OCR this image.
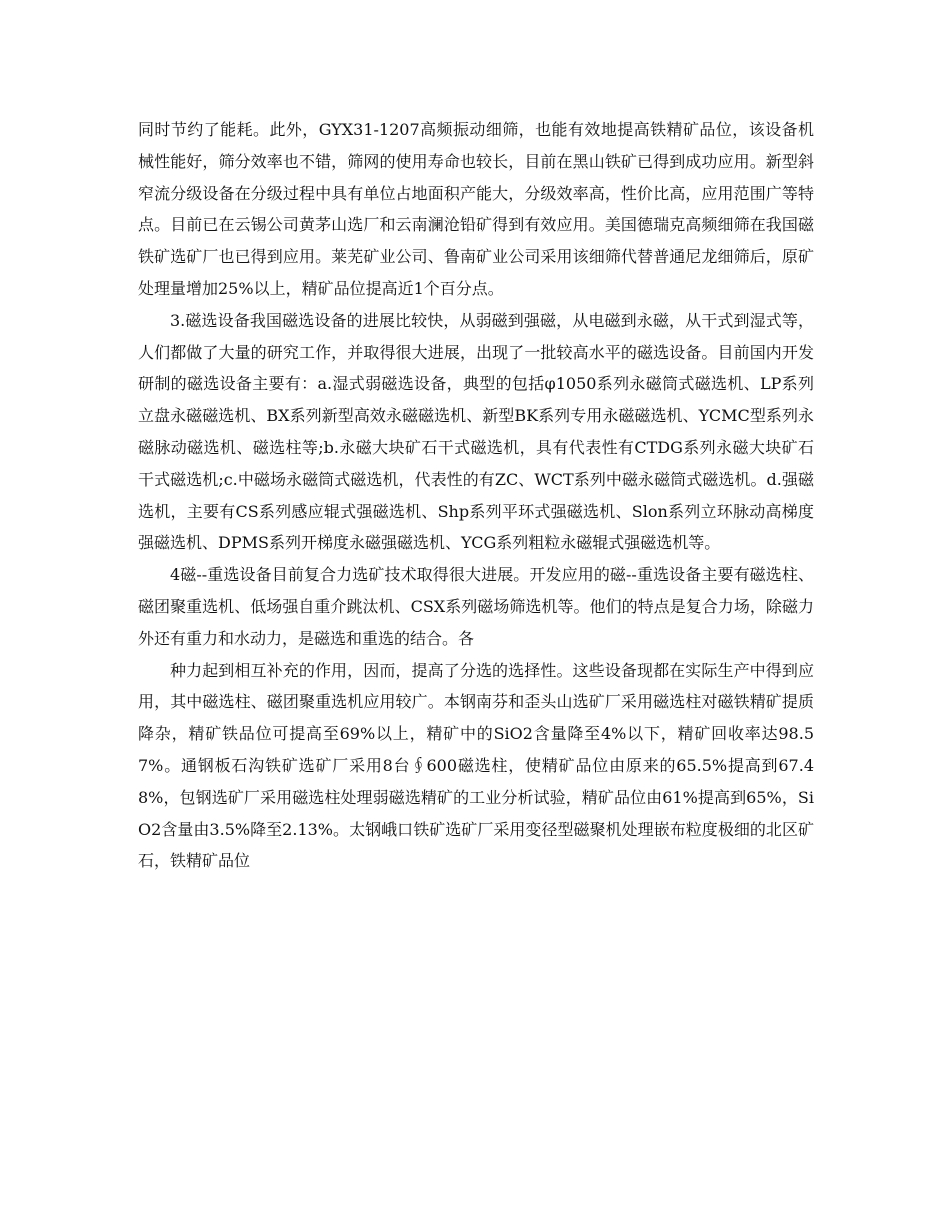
同时节约了能耗。此外，GYX31-1207高频振动细筛，也能有效地提高铁精矿品位，该设备机械性能好，筛分效率也不错，筛网的使用寿命也较长，目前在黑山铁矿已得到成功应用。新型斜窄流分级设备在分级过程中具有单位占地面积产能大，分级效率高，性价比高，应用范围广等特点。目前已在云锡公司黄茅山选厂和云南澜沧铅矿得到有效应用。美国德瑞克高频细筛在我国磁铁矿选矿厂也已得到应用。莱芜矿业公司、鲁南矿业公司采用该细筛代替普通尼龙细筛后，原矿处理量增加25%以上，精矿品位提高近1个百分点。

3.磁选设备我国磁选设备的进展比较快，从弱磁到强磁，从电磁到永磁，从干式到湿式等，人们都做了大量的研究工作，并取得很大进展，出现了一批较高水平的磁选设备。目前国内开发研制的磁选设备主要有：a.湿式弱磁选设备，典型的包括φ1050系列永磁筒式磁选机、LP系列立盘永磁磁选机、BX系列新型高效永磁磁选机、新型BK系列专用永磁磁选机、YCMC型系列永磁脉动磁选机、磁选柱等;b.永磁大块矿石干式磁选机，具有代表性有CTDG系列永磁大块矿石干式磁选机;c.中磁场永磁筒式磁选机，代表性的有ZC、WCT系列中磁永磁筒式磁选机。d.强磁选机，主要有CS系列感应辊式强磁选机、Shp系列平环式强磁选机、Slon系列立环脉动高梯度强磁选机、DPMS系列开梯度永磁强磁选机、YCG系列粗粒永磁辊式强磁选机等。

4磁--重选设备目前复合力选矿技术取得很大进展。开发应用的磁--重选设备主要有磁选柱、磁团聚重选机、低场强自重介跳汰机、CSX系列磁场筛选机等。他们的特点是复合力场，除磁力外还有重力和水动力，是磁选和重选的结合。各

种力起到相互补充的作用，因而，提高了分选的选择性。这些设备现都在实际生产中得到应用，其中磁选柱、磁团聚重选机应用较广。本钢南芬和歪头山选矿厂采用磁选柱对磁铁精矿提质降杂，精矿铁品位可提高至69%以上，精矿中的SiO2含量降至4%以下，精矿回收率达98.57%。通钢板石沟铁矿选矿厂采用8台∮600磁选柱，使精矿品位由原来的65.5%提高到67.48%，包钢选矿厂采用磁选柱处理弱磁选精矿的工业分析试验，精矿品位由61%提高到65%，SiO2含量由3.5%降至2.13%。太钢峨口铁矿选矿厂采用变径型磁聚机处理嵌布粒度极细的北区矿石，铁精矿品位
